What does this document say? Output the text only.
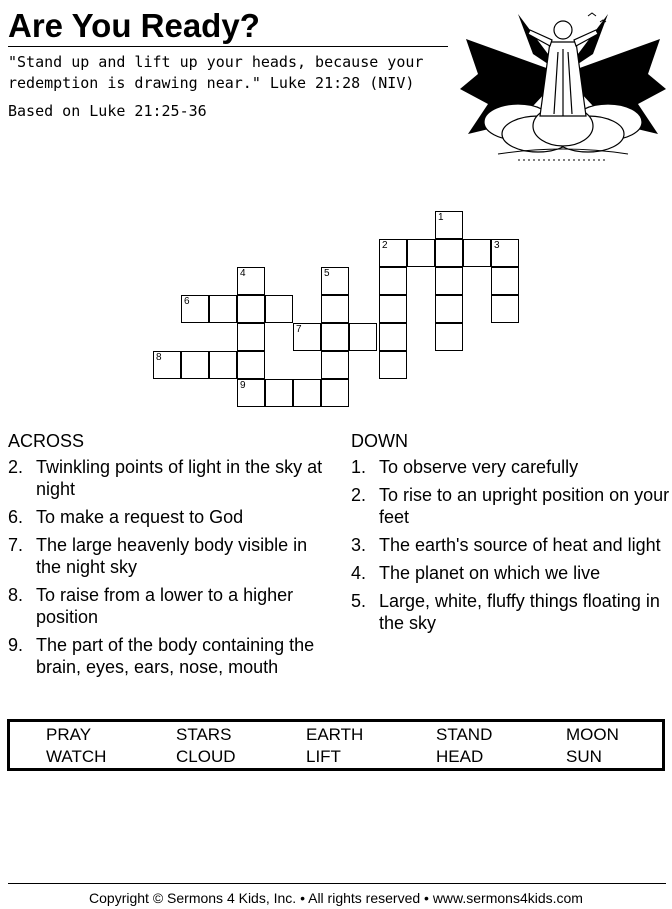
Are You Ready?
"Stand up and lift up your heads, because your
redemption is drawing near." Luke 21:28 (NIV)
Based on Luke 21:25-36
1
2	3
4
9
5
6
7
8
ACROSS
2. Twinkling points of light in the sky at night
6. To make a request to God
7. The large heavenly body visible in the night sky
8. To raise from a lower to a higher position
9. The part of the body containing the brain, eyes, ears, nose, mouth
DOWN
1. To observe very carefully
2. To rise to an upright position on your feet
3. The earth's source of heat and light
4. The planet on which we live
5. Large, white, fluffy things floating in the sky
PRAY	STARS	EARTH	STAND	MOON
WATCH	CLOUD	LIFT	HEAD	SUN
Copyright © Sermons 4 Kids, Inc. • All rights reserved • www.sermons4kids.com
